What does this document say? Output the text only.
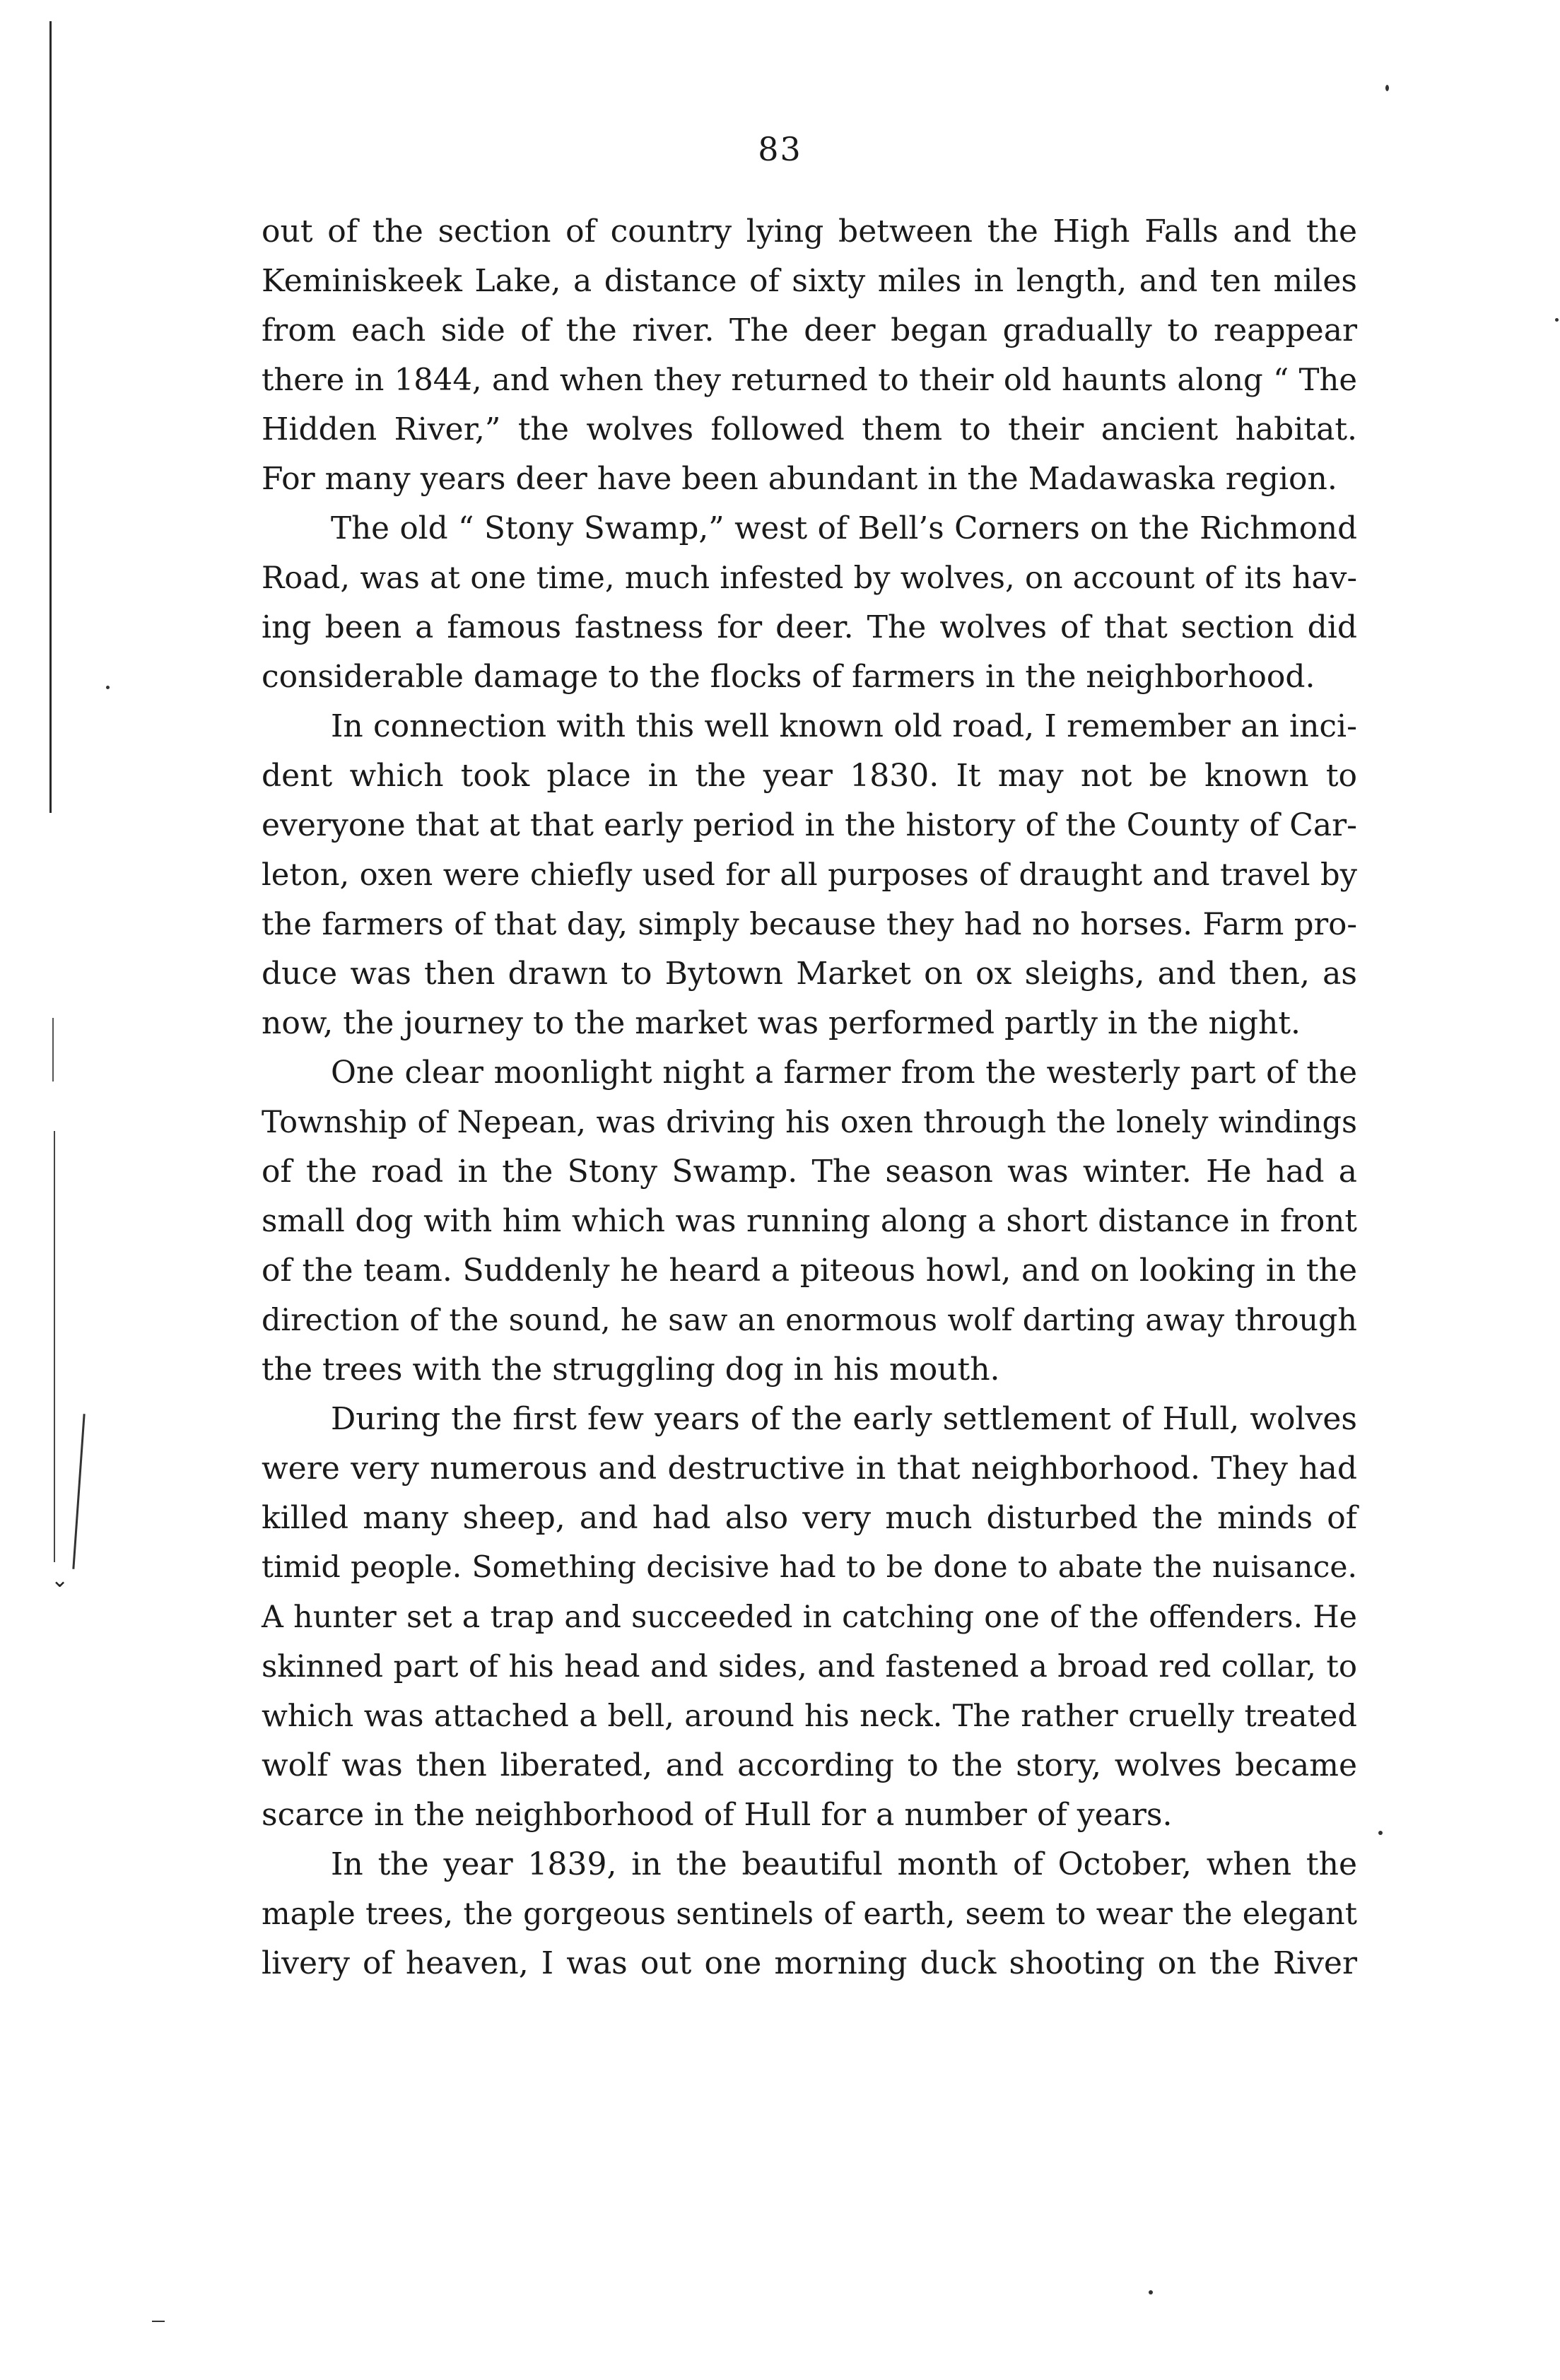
⌄
83
out of the section of country lying between the High Falls and the
Keminiskeek Lake, a distance of sixty miles in length, and ten miles
from each side of the river. The deer began gradually to reappear
there in 1844, and when they returned to their old haunts along “ The
Hidden River,” the wolves followed them to their ancient habitat.
For many years deer have been abundant in the Madawaska region.
The old “ Stony Swamp,” west of Bell’s Corners on the Richmond
Road, was at one time, much infested by wolves, on account of its hav-
ing been a famous fastness for deer. The wolves of that section did
considerable damage to the flocks of farmers in the neighborhood.
In connection with this well known old road, I remember an inci-
dent which took place in the year 1830. It may not be known to
everyone that at that early period in the history of the County of Car-
leton, oxen were chiefly used for all purposes of draught and travel by
the farmers of that day, simply because they had no horses. Farm pro-
duce was then drawn to Bytown Market on ox sleighs, and then, as
now, the journey to the market was performed partly in the night.
One clear moonlight night a farmer from the westerly part of the
Township of Nepean, was driving his oxen through the lonely windings
of the road in the Stony Swamp. The season was winter. He had a
small dog with him which was running along a short distance in front
of the team. Suddenly he heard a piteous howl, and on looking in the
direction of the sound, he saw an enormous wolf darting away through
the trees with the struggling dog in his mouth.
During the first few years of the early settlement of Hull, wolves
were very numerous and destructive in that neighborhood. They had
killed many sheep, and had also very much disturbed the minds of
timid people. Something decisive had to be done to abate the nuisance.
A hunter set a trap and succeeded in catching one of the offenders. He
skinned part of his head and sides, and fastened a broad red collar, to
which was attached a bell, around his neck. The rather cruelly treated
wolf was then liberated, and according to the story, wolves became
scarce in the neighborhood of Hull for a number of years.
In the year 1839, in the beautiful month of October, when the
maple trees, the gorgeous sentinels of earth, seem to wear the elegant
livery of heaven, I was out one morning duck shooting on the River
